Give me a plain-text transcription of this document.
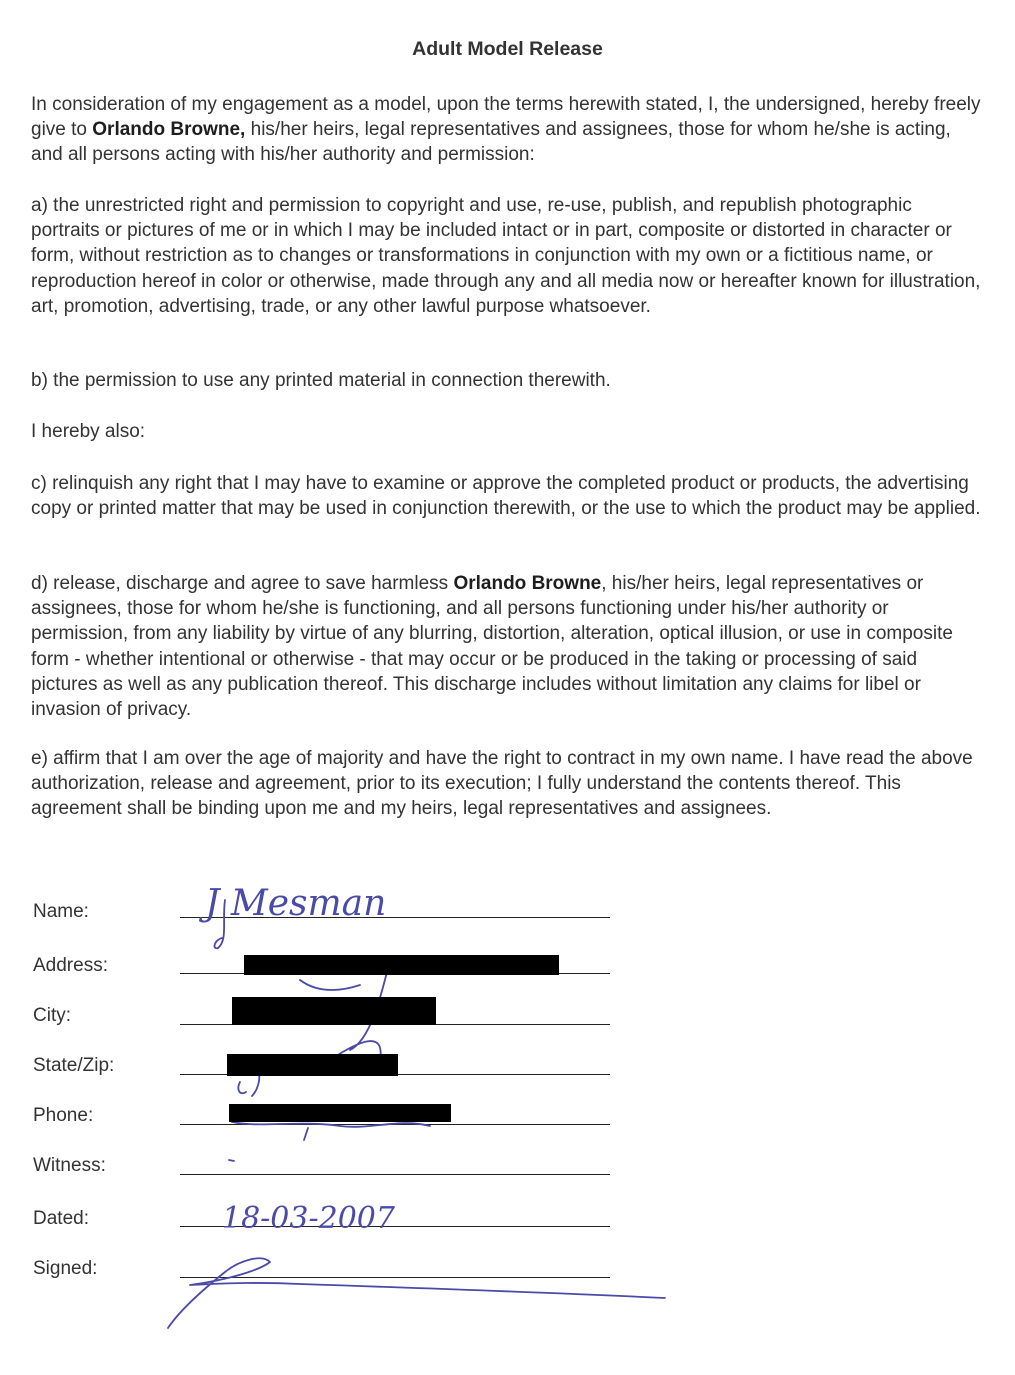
Adult Model Release

In consideration of my engagement as a model, upon the terms herewith stated, I, the undersigned, hereby freely give to Orlando Browne, his/her heirs, legal representatives and assignees, those for whom he/she is acting, and all persons acting with his/her authority and permission:

a) the unrestricted right and permission to copyright and use, re-use, publish, and republish photographic portraits or pictures of me or in which I may be included intact or in part, composite or distorted in character or form, without restriction as to changes or transformations in conjunction with my own or a fictitious name, or reproduction hereof in color or otherwise, made through any and all media now or hereafter known for illustration, art, promotion, advertising, trade, or any other lawful purpose whatsoever.

b) the permission to use any printed material in connection therewith.

I hereby also:

c) relinquish any right that I may have to examine or approve the completed product or products, the advertising copy or printed matter that may be used in conjunction therewith, or the use to which the product may be applied.

d) release, discharge and agree to save harmless Orlando Browne, his/her heirs, legal representatives or assignees, those for whom he/she is functioning, and all persons functioning under his/her authority or permission, from any liability by virtue of any blurring, distortion, alteration, optical illusion, or use in composite form - whether intentional or otherwise - that may occur or be produced in the taking or processing of said pictures as well as any publication thereof. This discharge includes without limitation any claims for libel or invasion of privacy.

e) affirm that I am over the age of majority and have the right to contract in my own name. I have read the above authorization, release and agreement, prior to its execution; I fully understand the contents thereof. This agreement shall be binding upon me and my heirs, legal representatives and assignees.

Name:
Address:
City:
State/Zip:
Phone:
Witness:
Dated:
Signed:
J Mesman
18-03-2007
